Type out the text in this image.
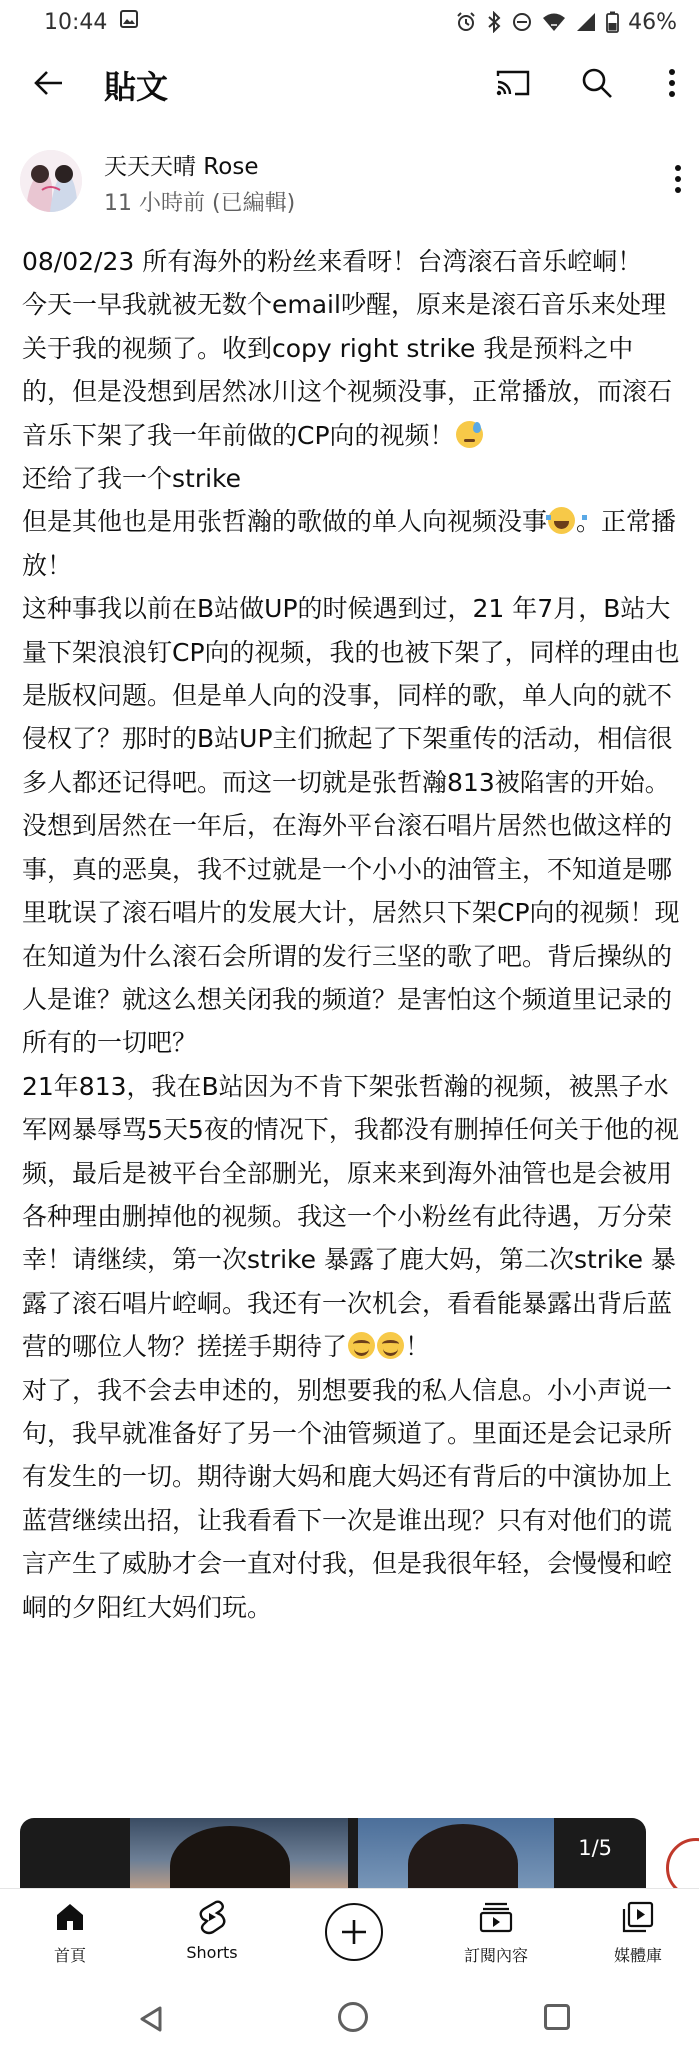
10:44	46%
貼文
天天天晴 Rose
11 小時前 (已編輯)

08/02/23 所有海外的粉丝来看呀！台湾滚石音乐崆峒！

今天一早我就被无数个email吵醒，原来是滚石音乐来处理关于我的视频了。收到copy right strike 我是预料之中的，但是没想到居然冰川这个视频没事，正常播放，而滚石音乐下架了我一年前做的CP向的视频！

还给了我一个strike

但是其他也是用张哲瀚的歌做的单人向视频没事 。正常播放！

这种事我以前在B站做UP的时候遇到过，21 年7月，B站大量下架浪浪钉CP向的视频，我的也被下架了，同样的理由也是版权问题。但是单人向的没事，同样的歌，单人向的就不侵权了？那时的B站UP主们掀起了下架重传的活动，相信很多人都还记得吧。而这一切就是张哲瀚813被陷害的开始。

没想到居然在一年后，在海外平台滚石唱片居然也做这样的事，真的恶臭，我不过就是一个小小的油管主，不知道是哪里耽误了滚石唱片的发展大计，居然只下架CP向的视频！现在知道为什么滚石会所谓的发行三坚的歌了吧。背后操纵的人是谁？就这么想关闭我的频道？是害怕这个频道里记录的所有的一切吧？

21年813，我在B站因为不肯下架张哲瀚的视频，被黑子水军网暴辱骂5天5夜的情况下，我都没有删掉任何关于他的视频，最后是被平台全部删光，原来来到海外油管也是会被用各种理由删掉他的视频。我这一个小粉丝有此待遇，万分荣幸！请继续，第一次strike 暴露了鹿大妈，第二次strike 暴露了滚石唱片崆峒。我还有一次机会，看看能暴露出背后蓝营的哪位人物？搓搓手期待了 ！

对了，我不会去申述的，别想要我的私人信息。小小声说一句，我早就准备好了另一个油管频道了。里面还是会记录所有发生的一切。期待谢大妈和鹿大妈还有背后的中演协加上蓝营继续出招，让我看看下一次是谁出现？只有对他们的谎言产生了威胁才会一直对付我，但是我很年轻，会慢慢和崆峒的夕阳红大妈们玩。

1/5
首頁	Shorts	訂閱內容	媒體庫
